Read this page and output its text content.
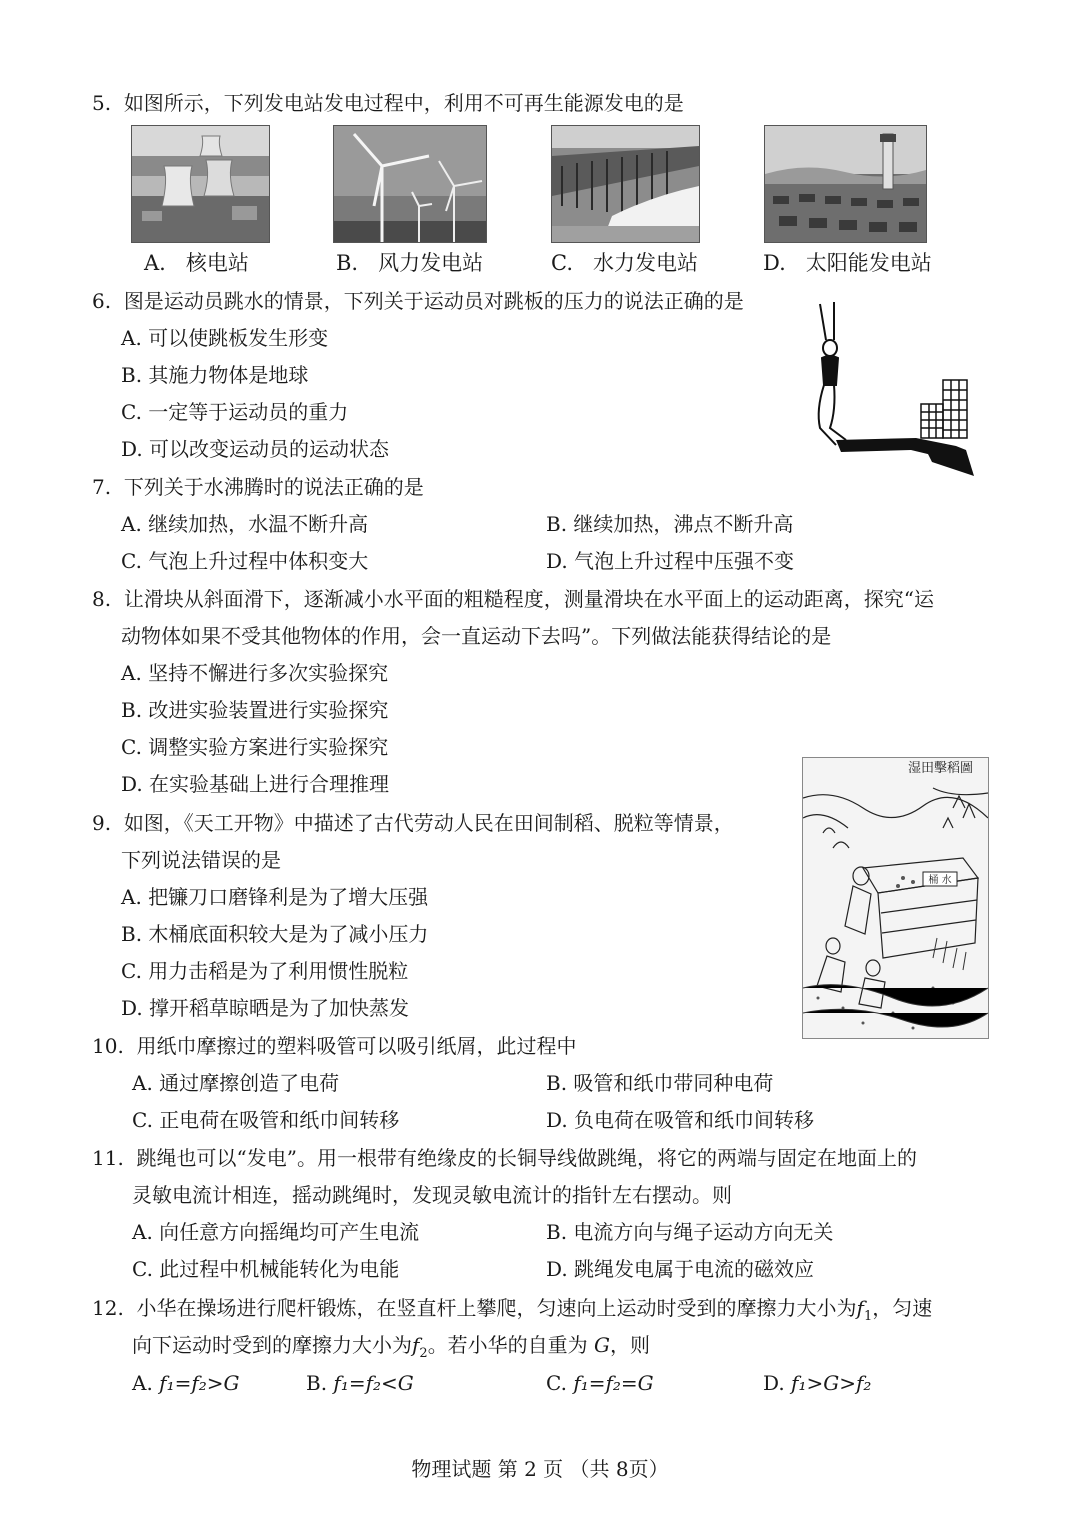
5. 如图所示，下列发电站发电过程中，利用不可再生能源发电的是
A. 核电站	B. 风力发电站	C. 水力发电站	D. 太阳能发电站
6. 图是运动员跳水的情景，下列关于运动员对跳板的压力的说法正确的是
A. 可以使跳板发生形变
B. 其施力物体是地球
C. 一定等于运动员的重力
D. 可以改变运动员的运动状态
7. 下列关于水沸腾时的说法正确的是
A. 继续加热，水温不断升高	B. 继续加热，沸点不断升高
C. 气泡上升过程中体积变大	D. 气泡上升过程中压强不变
8. 让滑块从斜面滑下，逐渐减小水平面的粗糙程度，测量滑块在水平面上的运动距离，探究“运
动物体如果不受其他物体的作用，会一直运动下去吗”。下列做法能获得结论的是
A. 坚持不懈进行多次实验探究
B. 改进实验装置进行实验探究
C. 调整实验方案进行实验探究
D. 在实验基础上进行合理推理
湿田擊稻圖
桶 水
9. 如图，《天工开物》中描述了古代劳动人民在田间制稻、脱粒等情景，
下列说法错误的是
A. 把镰刀口磨锋利是为了增大压强
B. 木桶底面积较大是为了减小压力
C. 用力击稻是为了利用惯性脱粒
D. 撑开稻草晾晒是为了加快蒸发
10. 用纸巾摩擦过的塑料吸管可以吸引纸屑，此过程中
A. 通过摩擦创造了电荷	B. 吸管和纸巾带同种电荷
C. 正电荷在吸管和纸巾间转移	D. 负电荷在吸管和纸巾间转移
11. 跳绳也可以“发电”。用一根带有绝缘皮的长铜导线做跳绳，将它的两端与固定在地面上的
灵敏电流计相连，摇动跳绳时，发现灵敏电流计的指针左右摆动。则
A. 向任意方向摇绳均可产生电流	B. 电流方向与绳子运动方向无关
C. 此过程中机械能转化为电能	D. 跳绳发电属于电流的磁效应
12. 小华在操场进行爬杆锻炼，在竖直杆上攀爬，匀速向上运动时受到的摩擦力大小为$f_1$，匀速
向下运动时受到的摩擦力大小为$f_2$。若小华的自重为 G，则
A. f₁=f₂>G	B. f₁=f₂<G	C. f₁=f₂=G	D. f₁>G>f₂
物理试题 第 2 页 （共 8页）
